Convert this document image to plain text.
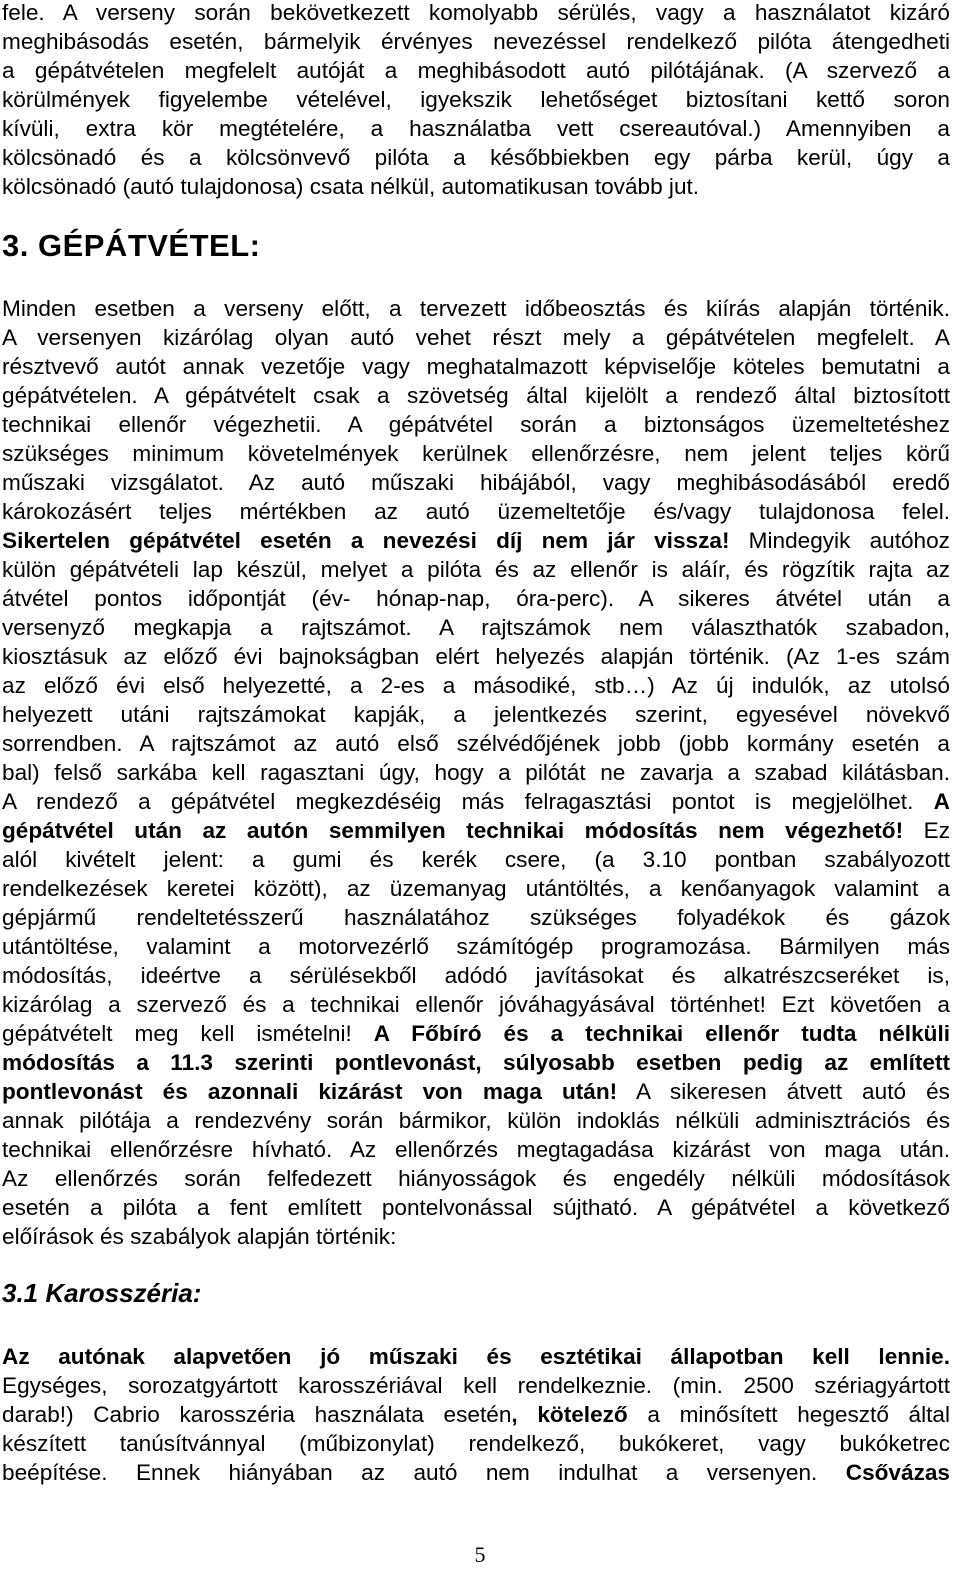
fele. A verseny során bekövetkezett komolyabb sérülés, vagy a használatot kizáró
meghibásodás esetén, bármelyik érvényes nevezéssel rendelkező pilóta átengedheti
a gépátvételen megfelelt autóját a meghibásodott autó pilótájának. (A szervező a
körülmények figyelembe vételével, igyekszik lehetőséget biztosítani kettő soron
kívüli, extra kör megtételére, a használatba vett csereautóval.) Amennyiben a
kölcsönadó és a kölcsönvevő pilóta a későbbiekben egy párba kerül, úgy a
kölcsönadó (autó tulajdonosa) csata nélkül, automatikusan tovább jut.
3. GÉPÁTVÉTEL:
Minden esetben a verseny előtt, a tervezett időbeosztás és kiírás alapján történik.
A versenyen kizárólag olyan autó vehet részt mely a gépátvételen megfelelt. A
résztvevő autót annak vezetője vagy meghatalmazott képviselője köteles bemutatni a
gépátvételen. A gépátvételt csak a szövetség által kijelölt a rendező által biztosított
technikai ellenőr végezhetii. A gépátvétel során a biztonságos üzemeltetéshez
szükséges minimum követelmények kerülnek ellenőrzésre, nem jelent teljes körű
műszaki vizsgálatot. Az autó műszaki hibájából, vagy meghibásodásából eredő
károkozásért teljes mértékben az autó üzemeltetője és/vagy tulajdonosa felel.
Sikertelen gépátvétel esetén a nevezési díj nem jár vissza! Mindegyik autóhoz
külön gépátvételi lap készül, melyet a pilóta és az ellenőr is aláír, és rögzítik rajta az
átvétel pontos időpontját (év- hónap-nap, óra-perc). A sikeres átvétel után a
versenyző megkapja a rajtszámot. A rajtszámok nem választhatók szabadon,
kiosztásuk az előző évi bajnokságban elért helyezés alapján történik. (Az 1-es szám
az előző évi első helyezetté, a 2-es a másodiké, stb…) Az új indulók, az utolsó
helyezett utáni rajtszámokat kapják, a jelentkezés szerint, egyesével növekvő
sorrendben. A rajtszámot az autó első szélvédőjének jobb (jobb kormány esetén a
bal) felső sarkába kell ragasztani úgy, hogy a pilótát ne zavarja a szabad kilátásban.
A rendező a gépátvétel megkezdéséig más felragasztási pontot is megjelölhet. A
gépátvétel után az autón semmilyen technikai módosítás nem végezhető! Ez
alól kivételt jelent: a gumi és kerék csere, (a 3.10 pontban szabályozott
rendelkezések keretei között), az üzemanyag utántöltés, a kenőanyagok valamint a
gépjármű rendeltetésszerű használatához szükséges folyadékok és gázok
utántöltése, valamint a motorvezérlő számítógép programozása. Bármilyen más
módosítás, ideértve a sérülésekből adódó javításokat és alkatrészcseréket is,
kizárólag a szervező és a technikai ellenőr jóváhagyásával történhet! Ezt követően a
gépátvételt meg kell ismételni! A Főbíró és a technikai ellenőr tudta nélküli
módosítás a 11.3 szerinti pontlevonást, súlyosabb esetben pedig az említett
pontlevonást és azonnali kizárást von maga után! A sikeresen átvett autó és
annak pilótája a rendezvény során bármikor, külön indoklás nélküli adminisztrációs és
technikai ellenőrzésre hívható. Az ellenőrzés megtagadása kizárást von maga után.
Az ellenőrzés során felfedezett hiányosságok és engedély nélküli módosítások
esetén a pilóta a fent említett pontelvonással sújtható. A gépátvétel a következő
előírások és szabályok alapján történik:
3.1 Karosszéria:
Az autónak alapvetően jó műszaki és esztétikai állapotban kell lennie.
Egységes, sorozatgyártott karosszériával kell rendelkeznie. (min. 2500 szériagyártott
darab!) Cabrio karosszéria használata esetén, kötelező a minősített hegesztő által
készített tanúsítvánnyal (műbizonylat) rendelkező, bukókeret, vagy bukóketrec
beépítése. Ennek hiányában az autó nem indulhat a versenyen. Csővázas
5
